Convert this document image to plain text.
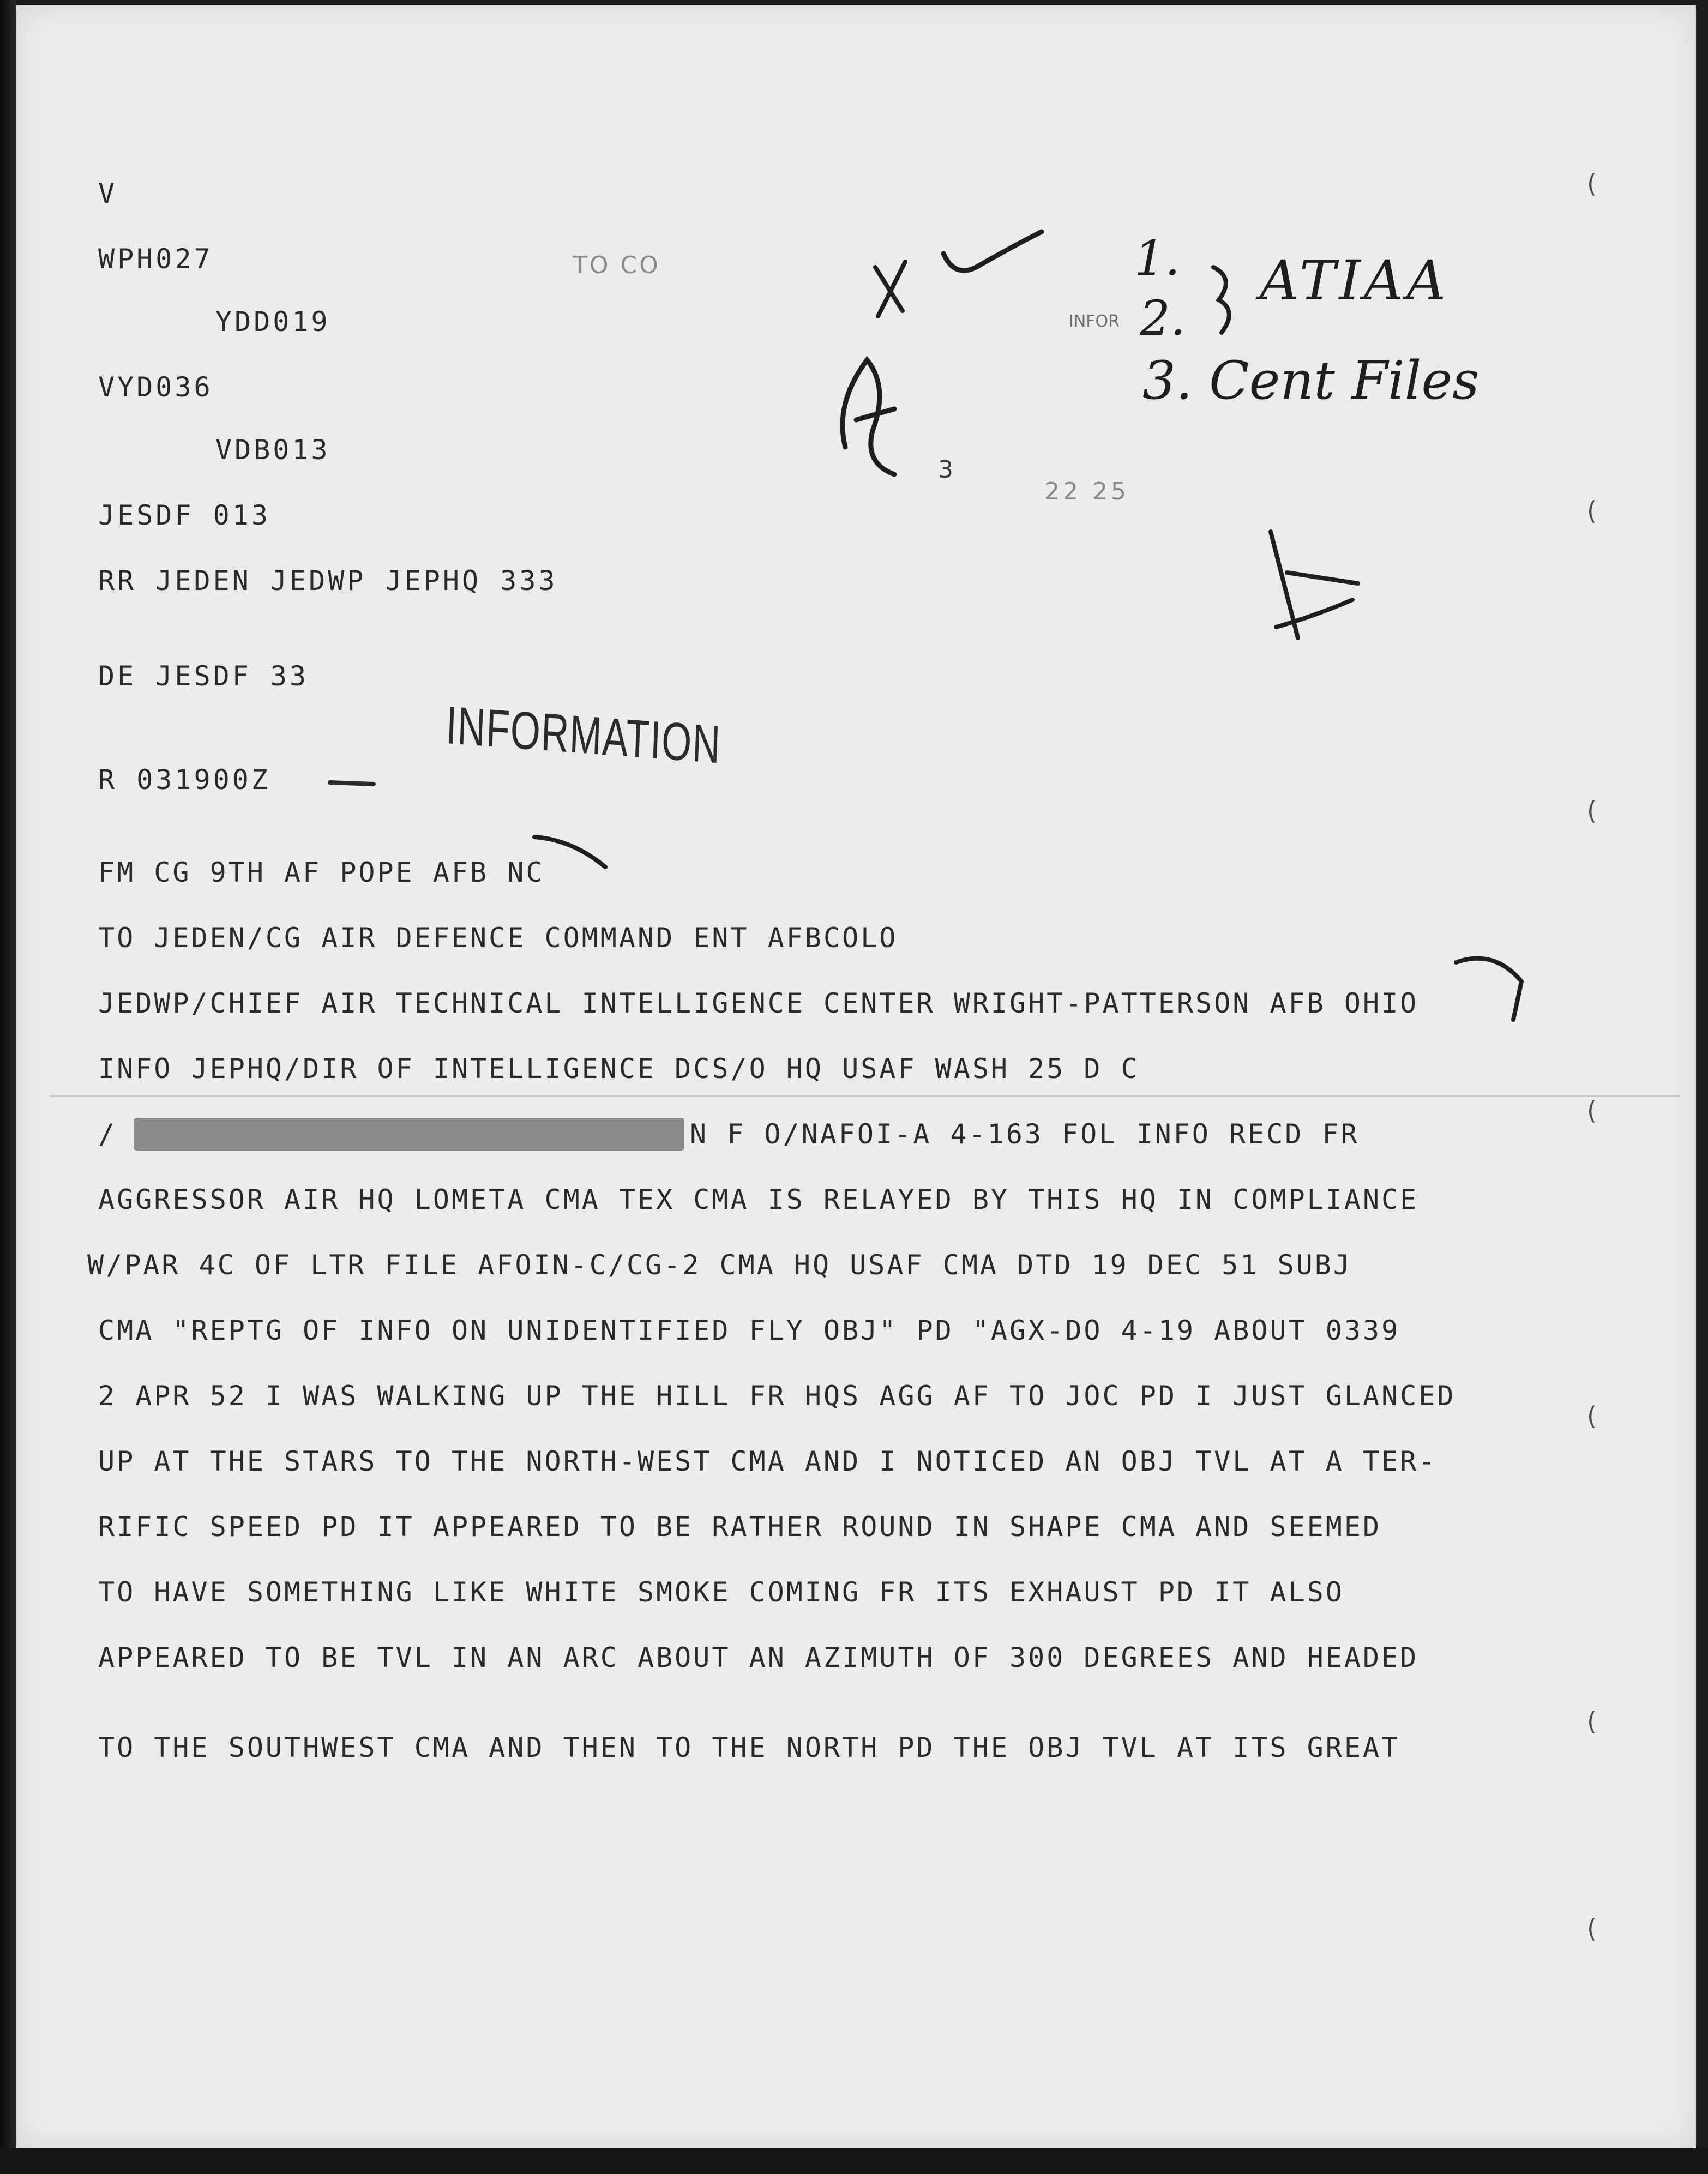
V
WPH027
YDD019
VYD036
VDB013
JESDF 013
RR JEDEN JEDWP JEPHQ 333
DE JESDF 33
R 031900Z
INFORMATION
TO CO
INFOR
3
22 25
1.
2.
ATIAA
3. Cent Files
FM CG 9TH AF POPE AFB NC
TO JEDEN/CG AIR DEFENCE COMMAND ENT AFBCOLO
JEDWP/CHIEF AIR TECHNICAL INTELLIGENCE CENTER WRIGHT-PATTERSON AFB OHIO
INFO JEPHQ/DIR OF INTELLIGENCE DCS/O HQ USAF WASH 25 D C
/	N F O/NAFOI-A 4-163 FOL INFO RECD FR
AGGRESSOR AIR HQ LOMETA CMA TEX CMA IS RELAYED BY THIS HQ IN COMPLIANCE
W/PAR 4C OF LTR FILE AFOIN-C/CG-2 CMA HQ USAF CMA DTD 19 DEC 51 SUBJ
CMA "REPTG OF INFO ON UNIDENTIFIED FLY OBJ" PD "AGX-DO 4-19 ABOUT 0339
2 APR 52 I WAS WALKING UP THE HILL FR HQS AGG AF TO JOC PD I JUST GLANCED
UP AT THE STARS TO THE NORTH-WEST CMA AND I NOTICED AN OBJ TVL AT A TER-
RIFIC SPEED PD IT APPEARED TO BE RATHER ROUND IN SHAPE CMA AND SEEMED
TO HAVE SOMETHING LIKE WHITE SMOKE COMING FR ITS EXHAUST PD IT ALSO
APPEARED TO BE TVL IN AN ARC ABOUT AN AZIMUTH OF 300 DEGREES AND HEADED
TO THE SOUTHWEST CMA AND THEN TO THE NORTH PD THE OBJ TVL AT ITS GREAT
(
(
(
(
(
(
(
